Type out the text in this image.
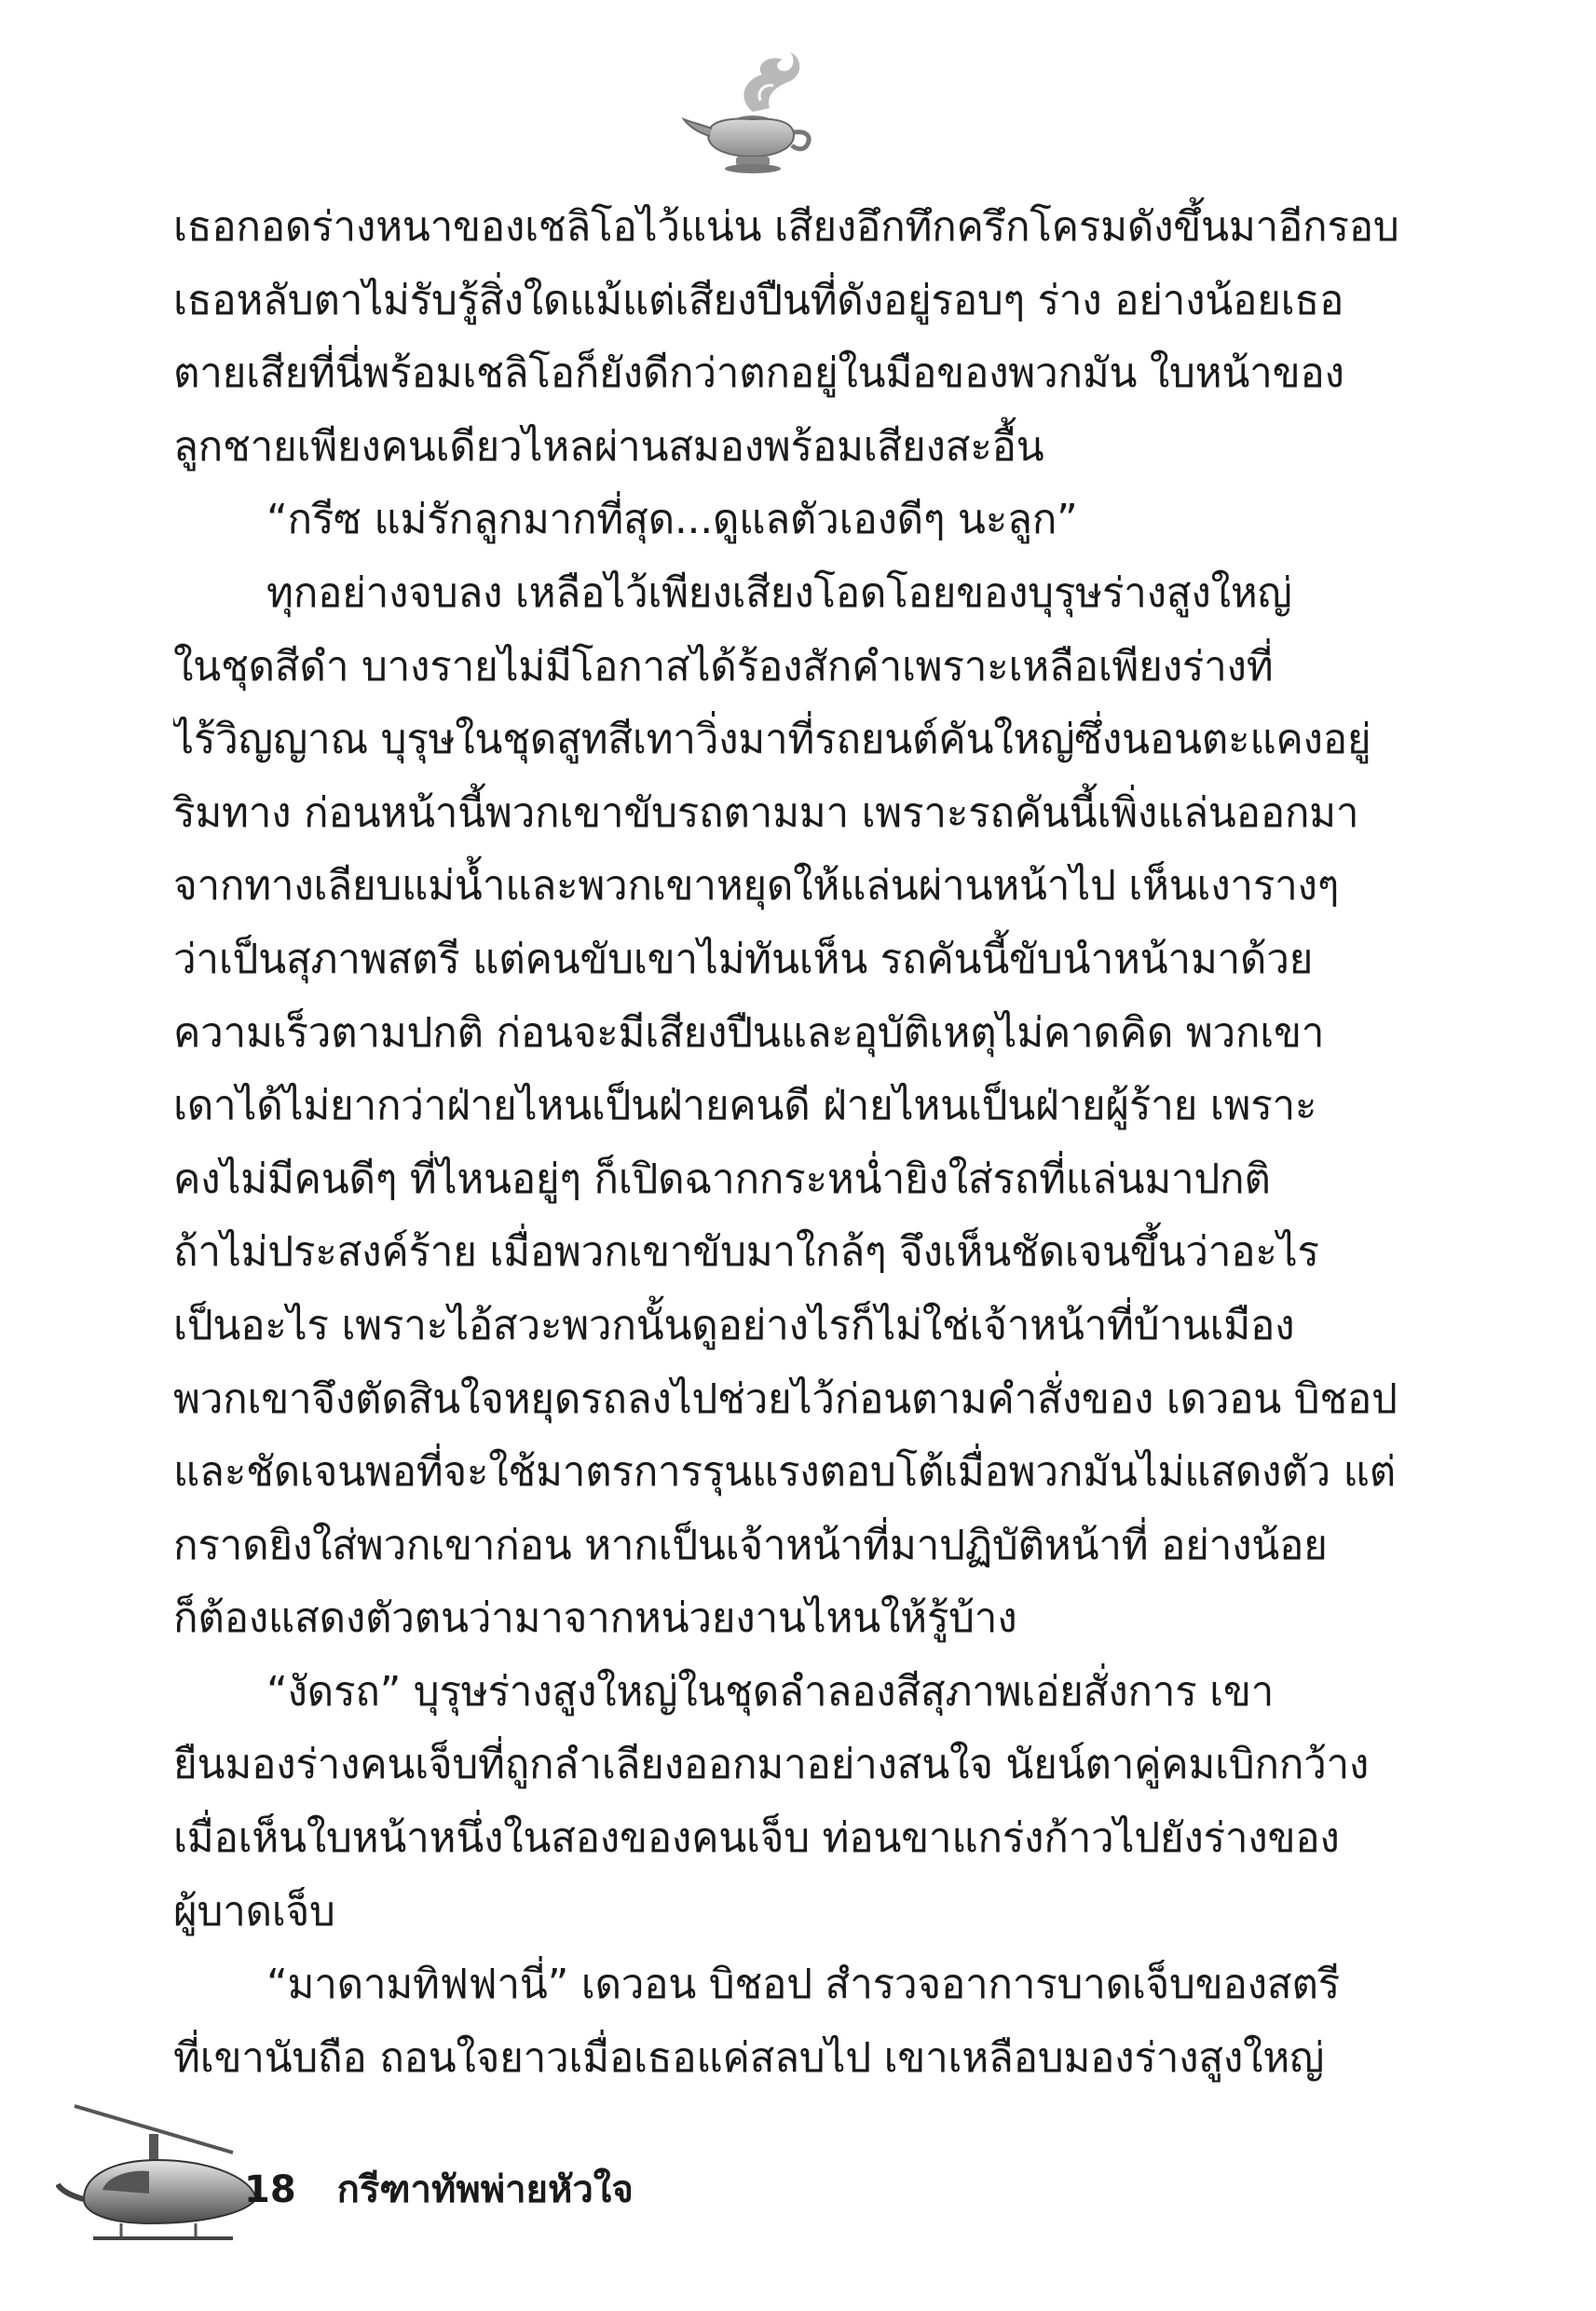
เธอกอดร่างหนาของเชลิโอไว้แน่น เสียงอึกทึกครึกโครมดังขึ้นมาอีกรอบ
เธอหลับตาไม่รับรู้สิ่งใดแม้แต่เสียงปืนที่ดังอยู่รอบๆ ร่าง อย่างน้อยเธอ
ตายเสียที่นี่พร้อมเชลิโอก็ยังดีกว่าตกอยู่ในมือของพวกมัน ใบหน้าของ
ลูกชายเพียงคนเดียวไหลผ่านสมองพร้อมเสียงสะอื้น
“กรีซ แม่รักลูกมากที่สุด...ดูแลตัวเองดีๆ นะลูก”
ทุกอย่างจบลง เหลือไว้เพียงเสียงโอดโอยของบุรุษร่างสูงใหญ่
ในชุดสีดำ บางรายไม่มีโอกาสได้ร้องสักคำเพราะเหลือเพียงร่างที่
ไร้วิญญาณ บุรุษในชุดสูทสีเทาวิ่งมาที่รถยนต์คันใหญ่ซึ่งนอนตะแคงอยู่
ริมทาง ก่อนหน้านี้พวกเขาขับรถตามมา เพราะรถคันนี้เพิ่งแล่นออกมา
จากทางเลียบแม่น้ำและพวกเขาหยุดให้แล่นผ่านหน้าไป เห็นเงารางๆ
ว่าเป็นสุภาพสตรี แต่คนขับเขาไม่ทันเห็น รถคันนี้ขับนำหน้ามาด้วย
ความเร็วตามปกติ ก่อนจะมีเสียงปืนและอุบัติเหตุไม่คาดคิด พวกเขา
เดาได้ไม่ยากว่าฝ่ายไหนเป็นฝ่ายคนดี ฝ่ายไหนเป็นฝ่ายผู้ร้าย เพราะ
คงไม่มีคนดีๆ ที่ไหนอยู่ๆ ก็เปิดฉากกระหน่ำยิงใส่รถที่แล่นมาปกติ
ถ้าไม่ประสงค์ร้าย เมื่อพวกเขาขับมาใกล้ๆ จึงเห็นชัดเจนขึ้นว่าอะไร
เป็นอะไร เพราะไอ้สวะพวกนั้นดูอย่างไรก็ไม่ใช่เจ้าหน้าที่บ้านเมือง
พวกเขาจึงตัดสินใจหยุดรถลงไปช่วยไว้ก่อนตามคำสั่งของ เดวอน บิชอป
และชัดเจนพอที่จะใช้มาตรการรุนแรงตอบโต้เมื่อพวกมันไม่แสดงตัว แต่
กราดยิงใส่พวกเขาก่อน หากเป็นเจ้าหน้าที่มาปฏิบัติหน้าที่ อย่างน้อย
ก็ต้องแสดงตัวตนว่ามาจากหน่วยงานไหนให้รู้บ้าง
“งัดรถ” บุรุษร่างสูงใหญ่ในชุดลำลองสีสุภาพเอ่ยสั่งการ เขา
ยืนมองร่างคนเจ็บที่ถูกลำเลียงออกมาอย่างสนใจ นัยน์ตาคู่คมเบิกกว้าง
เมื่อเห็นใบหน้าหนึ่งในสองของคนเจ็บ ท่อนขาแกร่งก้าวไปยังร่างของ
ผู้บาดเจ็บ
“มาดามทิฟฟานี่” เดวอน บิชอป สำรวจอาการบาดเจ็บของสตรี
ที่เขานับถือ ถอนใจยาวเมื่อเธอแค่สลบไป เขาเหลือบมองร่างสูงใหญ่
18 กรีฑาทัพพ่ายหัวใจ
